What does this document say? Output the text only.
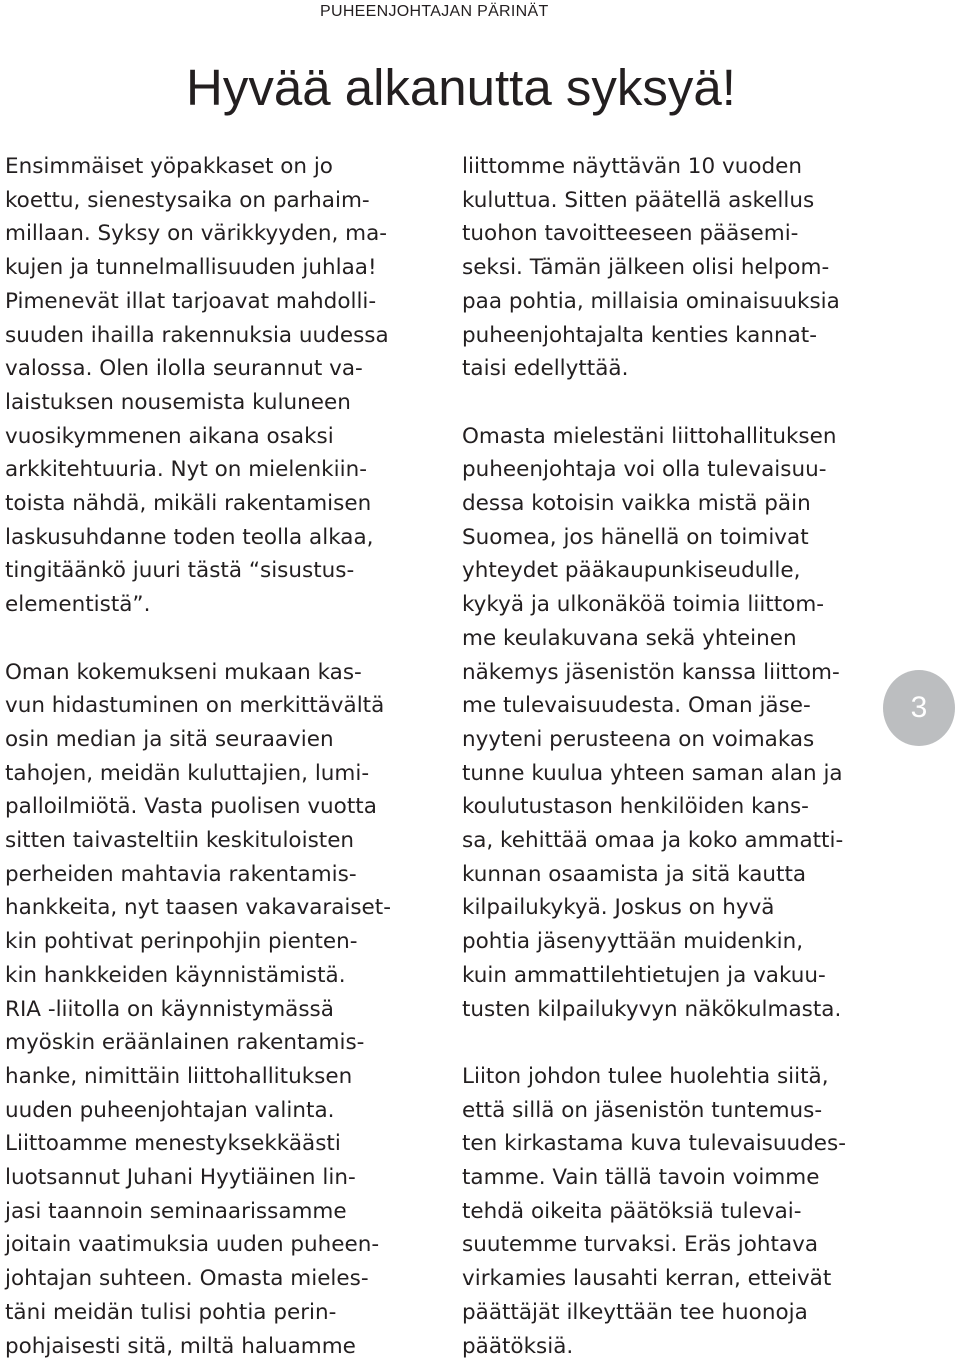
PUHEENJOHTAJAN PÄRINÄT
Hyvää alkanutta syksyä!

Ensimmäiset yöpakkaset on jo
koettu, sienestysaika on parhaim-
millaan. Syksy on värikkyyden, ma-
kujen ja tunnelmallisuuden juhlaa!
Pimenevät illat tarjoavat mahdolli-
suuden ihailla rakennuksia uudessa
valossa. Olen ilolla seurannut va-
laistuksen nousemista kuluneen
vuosikymmenen aikana osaksi
arkkitehtuuria. Nyt on mielenkiin-
toista nähdä, mikäli rakentamisen
laskusuhdanne toden teolla alkaa,
tingitäänkö juuri tästä “sisustus-
elementistä”.

Oman kokemukseni mukaan kas-
vun hidastuminen on merkittävältä
osin median ja sitä seuraavien
tahojen, meidän kuluttajien, lumi-
palloilmiötä. Vasta puolisen vuotta
sitten taivasteltiin keskituloisten
perheiden mahtavia rakentamis-
hankkeita, nyt taasen vakavaraiset-
kin pohtivat perinpohjin pienten-
kin hankkeiden käynnistämistä.
RIA -liitolla on käynnistymässä
myöskin eräänlainen rakentamis-
hanke, nimittäin liittohallituksen
uuden puheenjohtajan valinta.
Liittoamme menestyksekkäästi
luotsannut Juhani Hyytiäinen lin-
jasi taannoin seminaarissamme
joitain vaatimuksia uuden puheen-
johtajan suhteen. Omasta mieles-
täni meidän tulisi pohtia perin-
pohjaisesti sitä, miltä haluamme

liittomme näyttävän 10 vuoden
kuluttua. Sitten päätellä askellus
tuohon tavoitteeseen pääsemi-
seksi. Tämän jälkeen olisi helpom-
paa pohtia, millaisia ominaisuuksia
puheenjohtajalta kenties kannat-
taisi edellyttää.

Omasta mielestäni liittohallituksen
puheenjohtaja voi olla tulevaisuu-
dessa kotoisin vaikka mistä päin
Suomea, jos hänellä on toimivat
yhteydet pääkaupunkiseudulle,
kykyä ja ulkonäköä toimia liittom-
me keulakuvana sekä yhteinen
näkemys jäsenistön kanssa liittom-
me tulevaisuudesta. Oman jäse-
nyyteni perusteena on voimakas
tunne kuulua yhteen saman alan ja
koulutustason henkilöiden kans-
sa, kehittää omaa ja koko ammatti-
kunnan osaamista ja sitä kautta
kilpailukykyä. Joskus on hyvä
pohtia jäsenyyttään muidenkin,
kuin ammattilehtietujen ja vakuu-
tusten kilpailukyvyn näkökulmasta.

Liiton johdon tulee huolehtia siitä,
että sillä on jäsenistön tuntemus-
ten kirkastama kuva tulevaisuudes-
tamme. Vain tällä tavoin voimme
tehdä oikeita päätöksiä tulevai-
suutemme turvaksi. Eräs johtava
virkamies lausahti kerran, etteivät
päättäjät ilkeyttään tee huonoja
päätöksiä.

3
